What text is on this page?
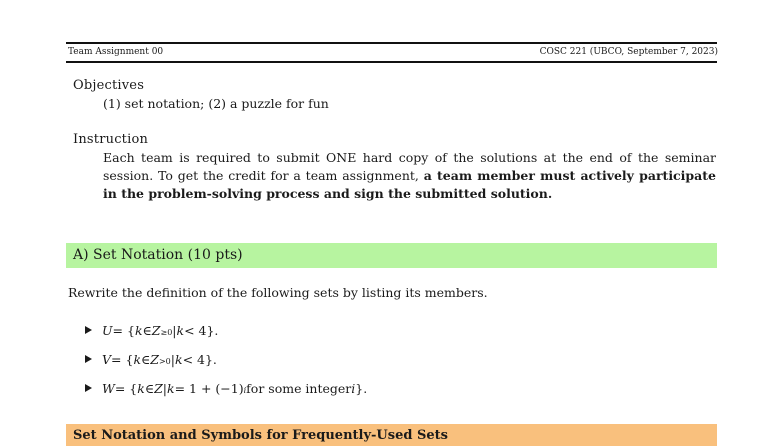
Team Assignment 00	COSC 221 (UBCO, September 7, 2023)
Objectives
(1) set notation; (2) a puzzle for fun
Instruction
Each team is required to submit ONE hard copy of the solutions at the end of the seminar session. To get the credit for a team assignment, a team member must actively participate in the problem-solving process and sign the submitted solution.
A) Set Notation (10 pts)
Rewrite the definition of the following sets by listing its members.
U = { k ∈ Z ≥0 | k < 4}.
V = { k ∈ Z >0 | k < 4}.
W = { k ∈ Z | k = 1 + (−1) i for some integer i }.
Set Notation and Symbols for Frequently-Used Sets
